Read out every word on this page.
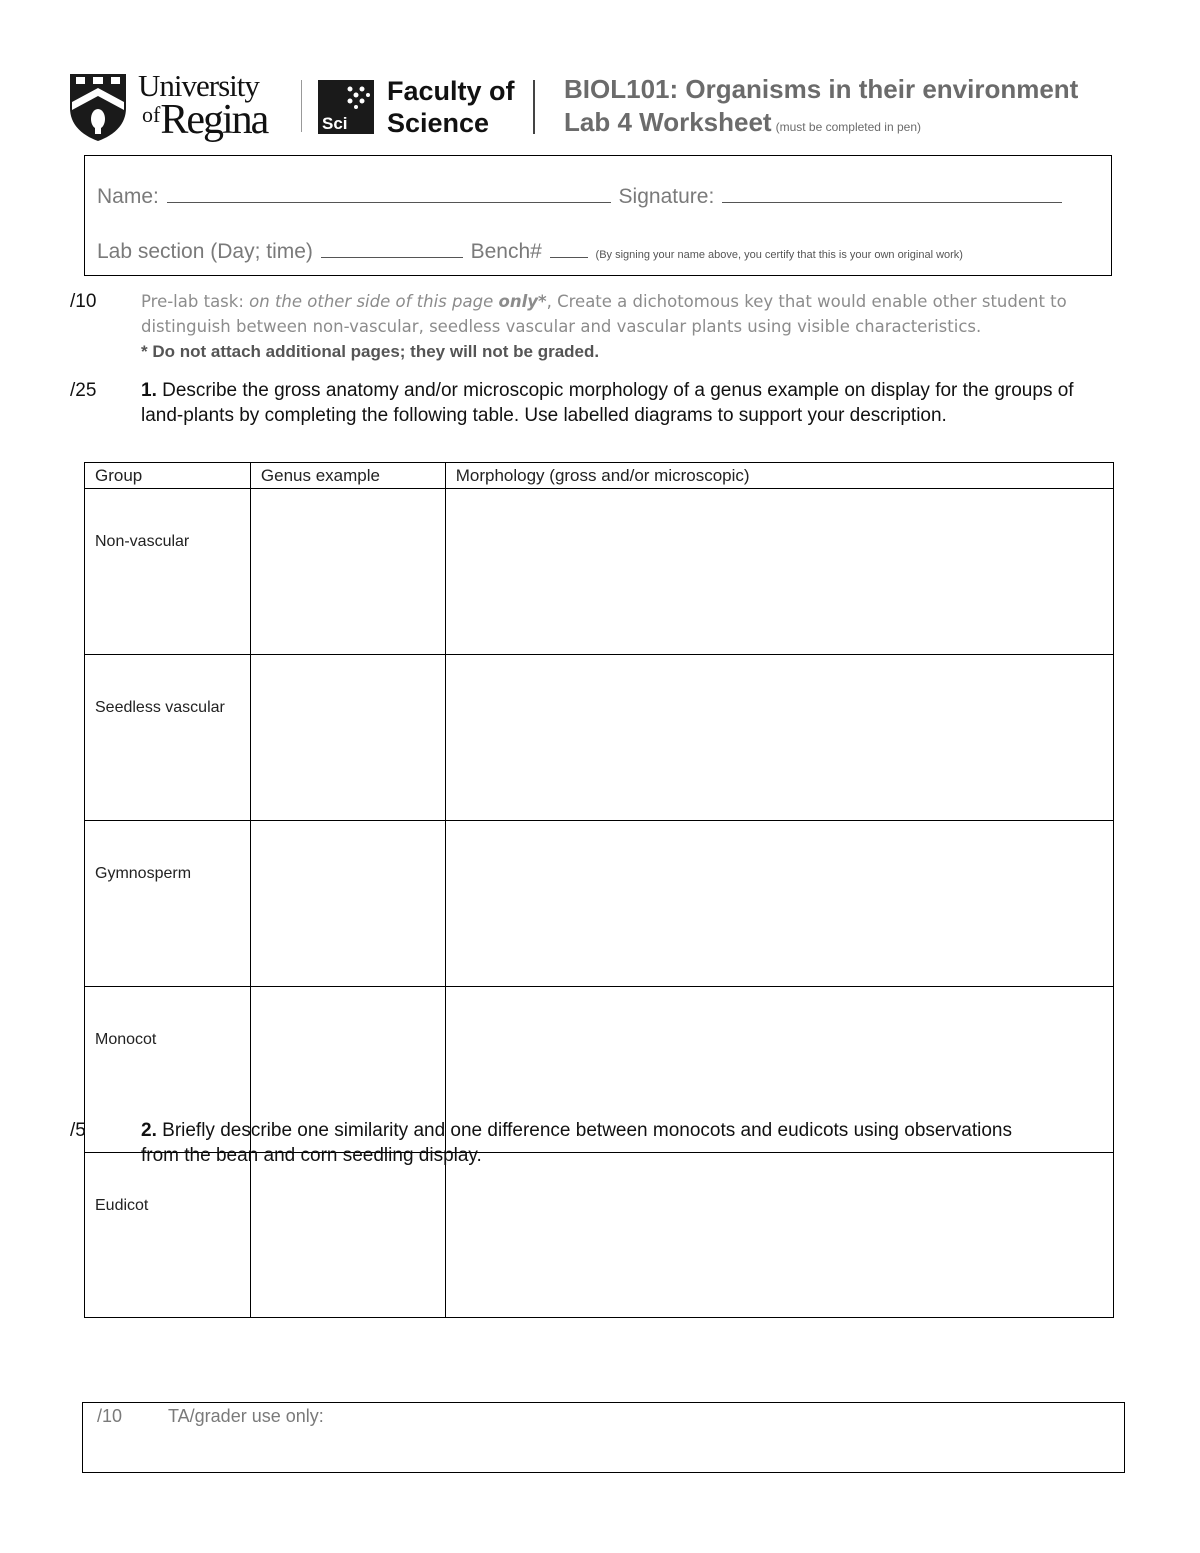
University
ofRegina	Sci
Faculty of
Science
BIOL101: Organisms in their environment
Lab 4 Worksheet (must be completed in pen)
Name:	Signature:
Lab section (Day; time)	Bench#	(By signing your name above, you certify that this is your own original work)
/10	Pre-lab task: on the other side of this page only*, Create a dichotomous key that would enable other student to distinguish between non-vascular, seedless vascular and vascular plants using visible characteristics.
* Do not attach additional pages; they will not be graded.
/25 1. Describe the gross anatomy and/or microscopic morphology of a genus example on display for the groups of land-plants by completing the following table. Use labelled diagrams to support your description.
Group	Genus example	Morphology (gross and/or microscopic)
Non-vascular		
Seedless vascular		
Gymnosperm		
Monocot		
Eudicot		
/5	2. Briefly describe one similarity and one difference between monocots and eudicots using observations from the bean and corn seedling display.
/10	TA/grader use only:
